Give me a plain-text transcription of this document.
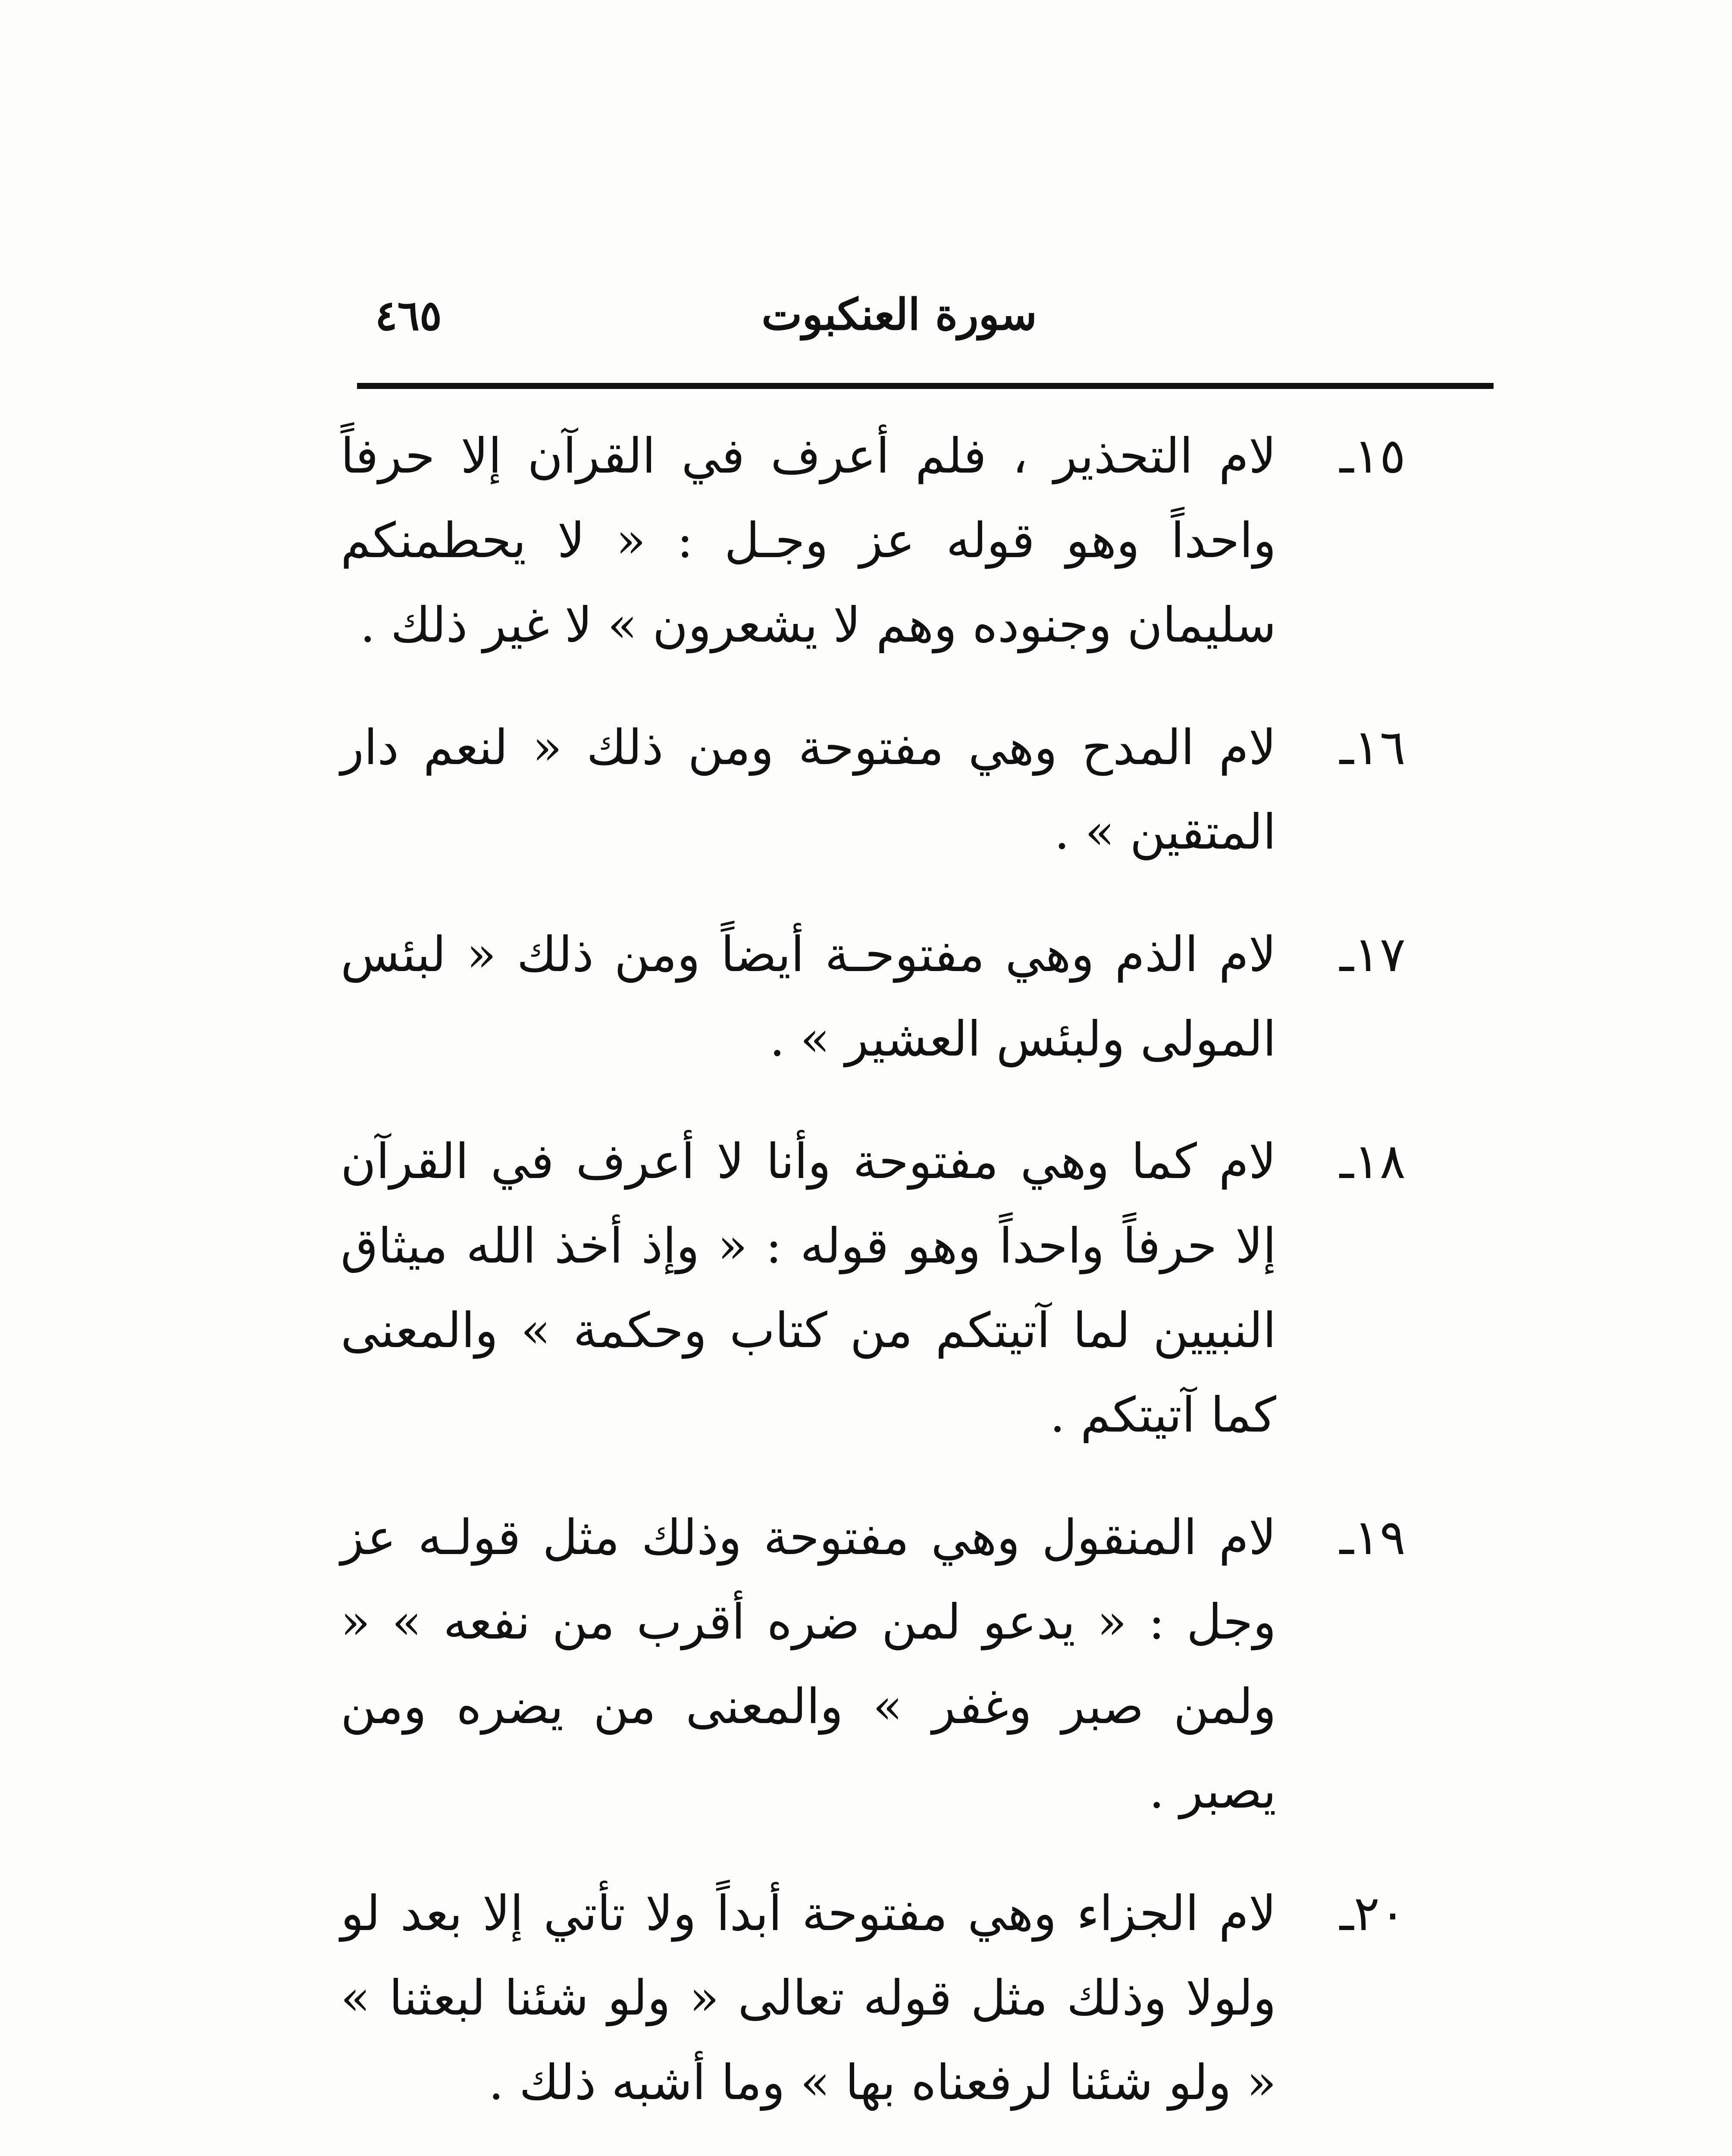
سورة العنكبوت
٤٦٥
١٥ـ
لام التحذير ، فلم أعرف في القرآن إلا حرفاً واحداً وهو قوله عز وجـل : « لا يحطمنكم سليمان وجنوده وهم لا يشعرون » لا غير ذلك .
١٦ـ
لام المدح وهي مفتوحة ومن ذلك « لنعم دار المتقين » .
١٧ـ
لام الذم وهي مفتوحـة أيضاً ومن ذلك « لبئس المولى ولبئس العشير » .
١٨ـ
لام كما وهي مفتوحة وأنا لا أعرف في القرآن إلا حرفاً واحداً وهو قوله : « وإذ أخذ الله ميثاق النبيين لما آتيتكم من كتاب وحكمة » والمعنى كما آتيتكم .
١٩ـ
لام المنقول وهي مفتوحة وذلك مثل قولـه عز وجل : « يدعو لمن ضره أقرب من نفعه » « ولمن صبر وغفر » والمعنى من يضره ومن يصبر .
٢٠ـ
لام الجزاء وهي مفتوحة أبداً ولا تأتي إلا بعد لو ولولا وذلك مثل قوله تعالى « ولو شئنا لبعثنا » « ولو شئنا لرفعناه بها » وما أشبه ذلك .
